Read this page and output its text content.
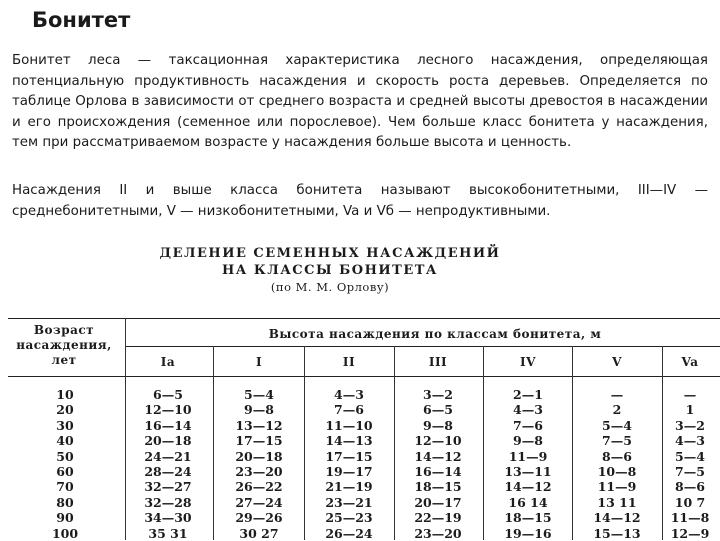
Бонитет
Бонитет леса — таксационная характеристика лесного насаждения, определяющая потенциальную продуктивность насаждения и скорость роста деревьев. Определяется по таблице Орлова в зависимости от среднего возраста и средней высоты древостоя в насаждении и его происхождения (семенное или порослевое). Чем больше класс бонитета у насаждения, тем при рассматриваемом возрасте у насаждения больше высота и ценность.
Насаждения II и выше класса бонитета называют высокобонитетными, III—IV — среднебонитетными, V — низкобонитетными, Va и Vб — непродуктивными.
ДЕЛЕНИЕ СЕМЕННЫХ НАСАЖДЕНИЙ
НА КЛАССЫ БОНИТЕТА
(по М. М. Орлову)
Возраст насаждения, лет
Высота насаждения по классам бонитета, м
Ia	I	II	III	IV	V	Va
10	6—5	5—4	4—3	3—2	2—1	—	—
20	12—10	9—8	7—6	6—5	4—3	2	1
30	16—14	13—12	11—10	9—8	7—6	5—4	3—2
40	20—18	17—15	14—13	12—10	9—8	7—5	4—3
50	24—21	20—18	17—15	14—12	11—9	8—6	5—4
60	28—24	23—20	19—17	16—14	13—11	10—8	7—5
70	32—27	26—22	21—19	18—15	14—12	11—9	8—6
80	32—28	27—24	23—21	20—17	16 14	13 11	10 7
90	34—30	29—26	25—23	22—19	18—15	14—12	11—8
100	35 31	30 27	26—24	23—20	19—16	15—13	12—9
